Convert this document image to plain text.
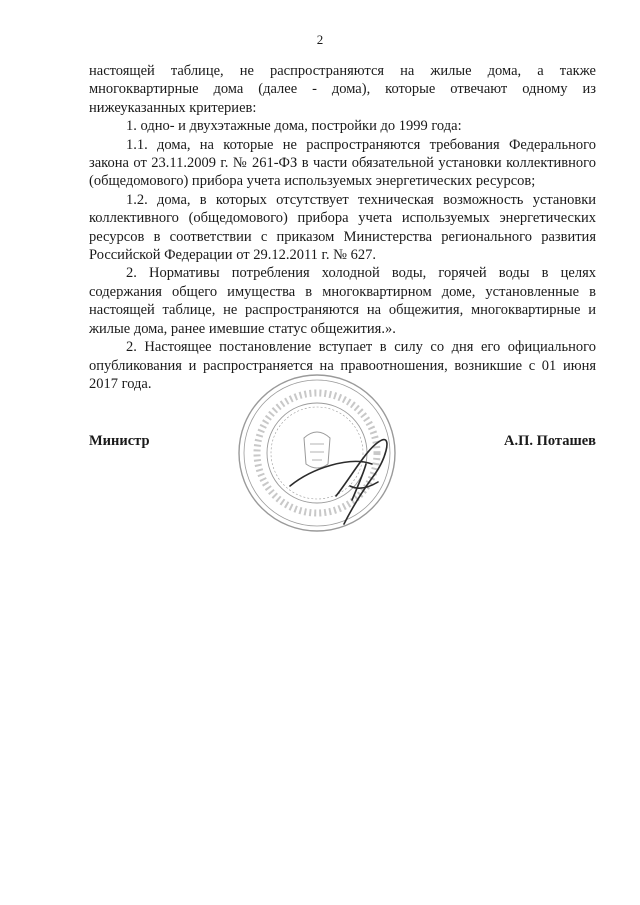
2

настоящей таблице, не распространяются на жилые дома, а также многоквартирные дома (далее - дома), которые отвечают одному из нижеуказанных критериев:

1. одно- и двухэтажные дома, постройки до 1999 года:

1.1. дома, на которые не распространяются требования Федерального закона от 23.11.2009 г. № 261-ФЗ в части обязательной установки коллективного (общедомового) прибора учета используемых энергетических ресурсов;

1.2. дома, в которых отсутствует техническая возможность установки коллективного (общедомового) прибора учета используемых энергетических ресурсов в соответствии с приказом Министерства регионального развития Российской Федерации от 29.12.2011 г. № 627.

2. Нормативы потребления холодной воды, горячей воды в целях содержания общего имущества в многоквартирном доме, установленные в настоящей таблице, не распространяются на общежития, многоквартирные и жилые дома, ранее имевшие статус общежития.».

2. Настоящее постановление вступает в силу со дня его официального опубликования и распространяется на правоотношения, возникшие с 01 июня 2017 года.

Министр	А.П. Поташев
